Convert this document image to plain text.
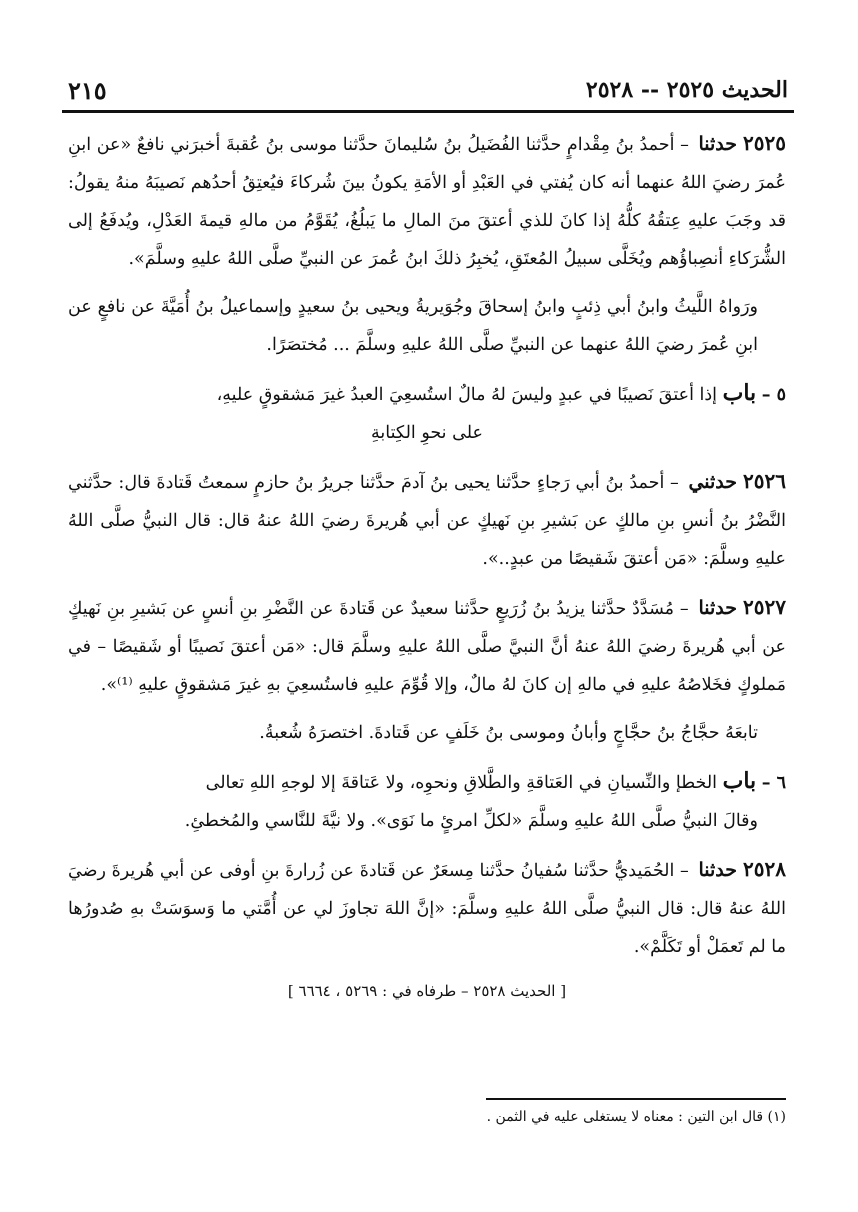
الحديث ٢٥٢٥ -- ٢٥٢٨
٢١٥

٢٥٢٥حدثنا – أحمدُ بنُ مِقْدامٍ حدَّثنا الفُضَيلُ بنُ سُليمانَ حدَّثنا موسى بنُ عُقبةَ أخبرَني نافعٌ «عن ابنِ عُمرَ رضيَ اللهُ عنهما أنه كان يُفتي في العَبْدِ أو الأمَةِ يكونُ بينَ شُركاءَ فيُعتِقُ أحدُهم نَصيبَهُ منهُ يقولُ: قد وجَبَ عليهِ عِتقُهُ كلُّهُ إذا كانَ للذي أعتقَ منَ المالِ ما يَبلُغُ، يُقَوَّمُ من مالهِ قيمةَ العَدْلِ، ويُدفَعُ إلى الشُّرَكاءِ أنصِباؤُهم ويُخَلَّى سبيلُ المُعتَقِ، يُخبِرُ ذلكَ ابنُ عُمرَ عن النبيِّ صلَّى اللهُ عليهِ وسلَّمَ».

ورَواهُ اللَّيثُ وابنُ أبي ذِئبٍ وابنُ إسحاقَ وجُوَيريةُ ويحيى بنُ سعيدٍ وإسماعيلُ بنُ أُمَيَّةَ عن نافعٍ عن ابنِ عُمرَ رضيَ اللهُ عنهما عن النبيِّ صلَّى اللهُ عليهِ وسلَّمَ ... مُختصَرًا.

٥ – باب إذا أعتقَ نَصيبًا في عبدٍ وليسَ لهُ مالٌ استُسعِيَ العبدُ غيرَ مَشقوقٍ عليهِ،

على نحوِ الكِتابةِ

٢٥٢٦حدثني – أحمدُ بنُ أبي رَجاءٍ حدَّثنا يحيى بنُ آدمَ حدَّثنا جريرُ بنُ حازمٍ سمعتُ قَتادةَ قال: حدَّثني النَّضْرُ بنُ أنسِ بنِ مالكٍ عن بَشيرِ بنِ نَهيكٍ عن أبي هُريرةَ رضيَ اللهُ عنهُ قال: قال النبيُّ صلَّى اللهُ عليهِ وسلَّمَ: «مَن أعتقَ شَقيصًا من عبدٍ..».

٢٥٢٧حدثنا – مُسَدَّدٌ حدَّثنا يزيدُ بنُ زُرَيعٍ حدَّثنا سعيدٌ عن قَتادةَ عن النَّضْرِ بنِ أنسٍ عن بَشيرِ بنِ نَهيكٍ عن أبي هُريرةَ رضيَ اللهُ عنهُ أنَّ النبيَّ صلَّى اللهُ عليهِ وسلَّمَ قال: «مَن أعتقَ نَصيبًا أو شَقيصًا – في مَملوكٍ فخَلاصُهُ عليهِ في مالهِ إن كانَ لهُ مالٌ، وإلا قُوِّمَ عليهِ فاستُسعِيَ بهِ غيرَ مَشقوقٍ عليهِ ⁽¹⁾».

تابعَهُ حجَّاجُ بنُ حجَّاجٍ وأبانُ وموسى بنُ خَلَفٍ عن قَتادةَ. اختصرَهُ شُعبةُ.

٦ – باب الخطإ والنِّسيانِ في العَتاقةِ والطَّلاقِ ونحوِه، ولا عَتاقةَ إلا لوجهِ اللهِ تعالى

وقالَ النبيُّ صلَّى اللهُ عليهِ وسلَّمَ «لكلِّ امرئٍ ما نَوَى». ولا نيَّةَ للنَّاسي والمُخطئِ.

٢٥٢٨حدثنا – الحُمَيديُّ حدَّثنا سُفيانُ حدَّثنا مِسعَرٌ عن قَتادةَ عن زُرارةَ بنِ أوفى عن أبي هُريرةَ رضيَ اللهُ عنهُ قال: قال النبيُّ صلَّى اللهُ عليهِ وسلَّمَ: «إنَّ اللهَ تجاوزَ لي عن أُمَّتي ما وَسوَسَتْ بهِ صُدورُها ما لم تَعمَلْ أو تَكَلَّمْ».

[ الحديث ٢٥٢٨ – طرفاه في : ٥٢٦٩ ، ٦٦٦٤ ]

(١) قال ابن التين : معناه لا يستغلى عليه في الثمن .
